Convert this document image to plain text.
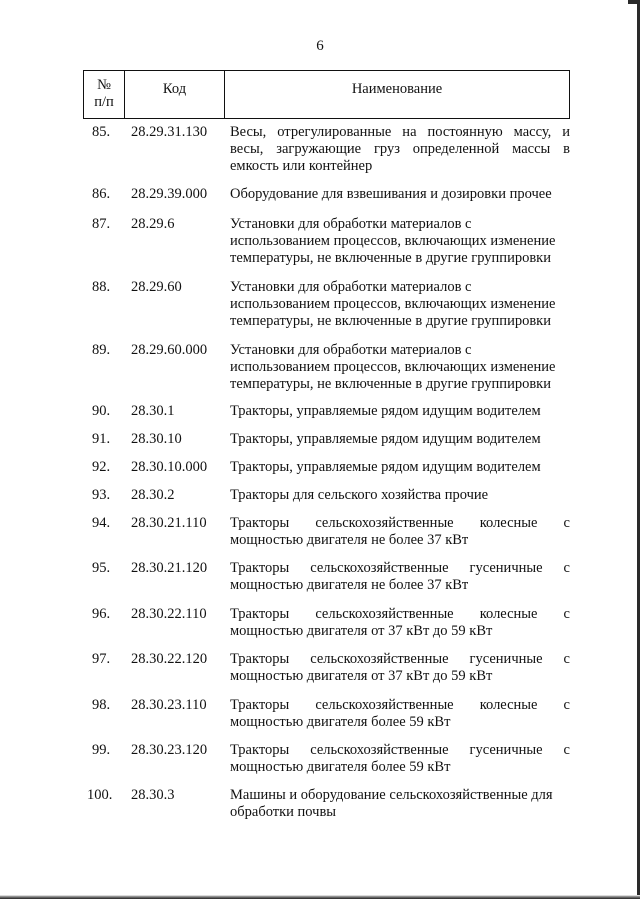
6
№
п/п
Код	Наименование
85. 28.29.31.130 Весы, отрегулированные на постоянную массу, и
весы, загружающие груз определенной массы в
емкость или контейнер
86. 28.29.39.000 Оборудование для взвешивания и дозировки прочее
87. 28.29.6	Установки для обработки материалов с
использованием процессов, включающих изменение
температуры, не включенные в другие группировки
88. 28.29.60	Установки для обработки материалов с
использованием процессов, включающих изменение
температуры, не включенные в другие группировки
89. 28.29.60.000 Установки для обработки материалов с
использованием процессов, включающих изменение
температуры, не включенные в другие группировки
90. 28.30.1	Тракторы, управляемые рядом идущим водителем
91. 28.30.10	Тракторы, управляемые рядом идущим водителем
92. 28.30.10.000 Тракторы, управляемые рядом идущим водителем
93. 28.30.2	Тракторы для сельского хозяйства прочие
94. 28.30.21.110 Тракторы сельскохозяйственные колесные с
мощностью двигателя не более 37 кВт
95. 28.30.21.120 Тракторы сельскохозяйственные гусеничные с
мощностью двигателя не более 37 кВт
96. 28.30.22.110 Тракторы сельскохозяйственные колесные с
мощностью двигателя от 37 кВт до 59 кВт
97. 28.30.22.120 Тракторы сельскохозяйственные гусеничные с
мощностью двигателя от 37 кВт до 59 кВт
98. 28.30.23.110 Тракторы сельскохозяйственные колесные с
мощностью двигателя более 59 кВт
99. 28.30.23.120 Тракторы сельскохозяйственные гусеничные с
мощностью двигателя более 59 кВт
100. 28.30.3	Машины и оборудование сельскохозяйственные для
обработки почвы
